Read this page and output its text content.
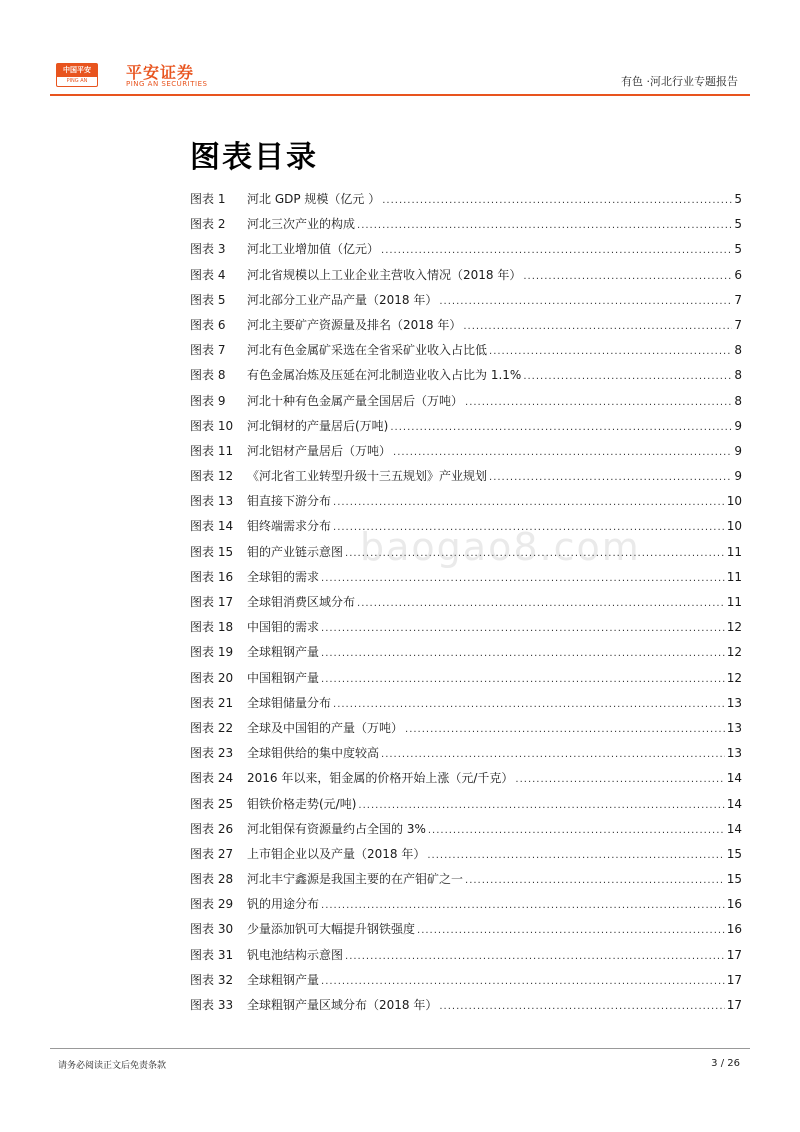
中国平安
PING AN	平安证券
PING AN SECURITIES	有色 ·河北行业专题报告
图表目录
图表 1	河北 GDP 规模（亿元 ） .....	5
图表 2	河北三次产业的构成 .....	5
图表 3	河北工业增加值（亿元） .....	5
图表 4	河北省规模以上工业企业主营收入情况（2018 年） .....	6
图表 5	河北部分工业产品产量（2018 年） .....	7
图表 6	河北主要矿产资源量及排名（2018 年） .....	7
图表 7	河北有色金属矿采选在全省采矿业收入占比低 .....	8
图表 8	有色金属冶炼及压延在河北制造业收入占比为 1.1% .....	8
图表 9	河北十种有色金属产量全国居后（万吨） .....	8
图表 10	河北铜材的产量居后(万吨) .....	9
图表 11	河北铝材产量居后（万吨） .....	9
图表 12	《河北省工业转型升级十三五规划》产业规划 .....	9
图表 13	钼直接下游分布 .....	10
图表 14	钼终端需求分布 .....	10
图表 15	钼的产业链示意图 .....	11
图表 16	全球钼的需求 .....	11
图表 17	全球钼消费区域分布 .....	11
图表 18	中国钼的需求 .....	12
图表 19	全球粗钢产量 .....	12
图表 20	中国粗钢产量 .....	12
图表 21	全球钼储量分布 .....	13
图表 22	全球及中国钼的产量（万吨） .....	13
图表 23	全球钼供给的集中度较高 .....	13
图表 24	2016 年以来，钼金属的价格开始上涨（元/千克） .....	14
图表 25	钼铁价格走势(元/吨) .....	14
图表 26	河北钼保有资源量约占全国的 3% .....	14
图表 27	上市钼企业以及产量（2018 年） .....	15
图表 28	河北丰宁鑫源是我国主要的在产钼矿之一 .....	15
图表 29	钒的用途分布 .....	16
图表 30	少量添加钒可大幅提升钢铁强度 .....	16
图表 31	钒电池结构示意图 .....	17
图表 32	全球粗钢产量 .....	17
图表 33	全球粗钢产量区域分布（2018 年） .....	17
baogao8.com
请务必阅读正文后免责条款	3 / 26
